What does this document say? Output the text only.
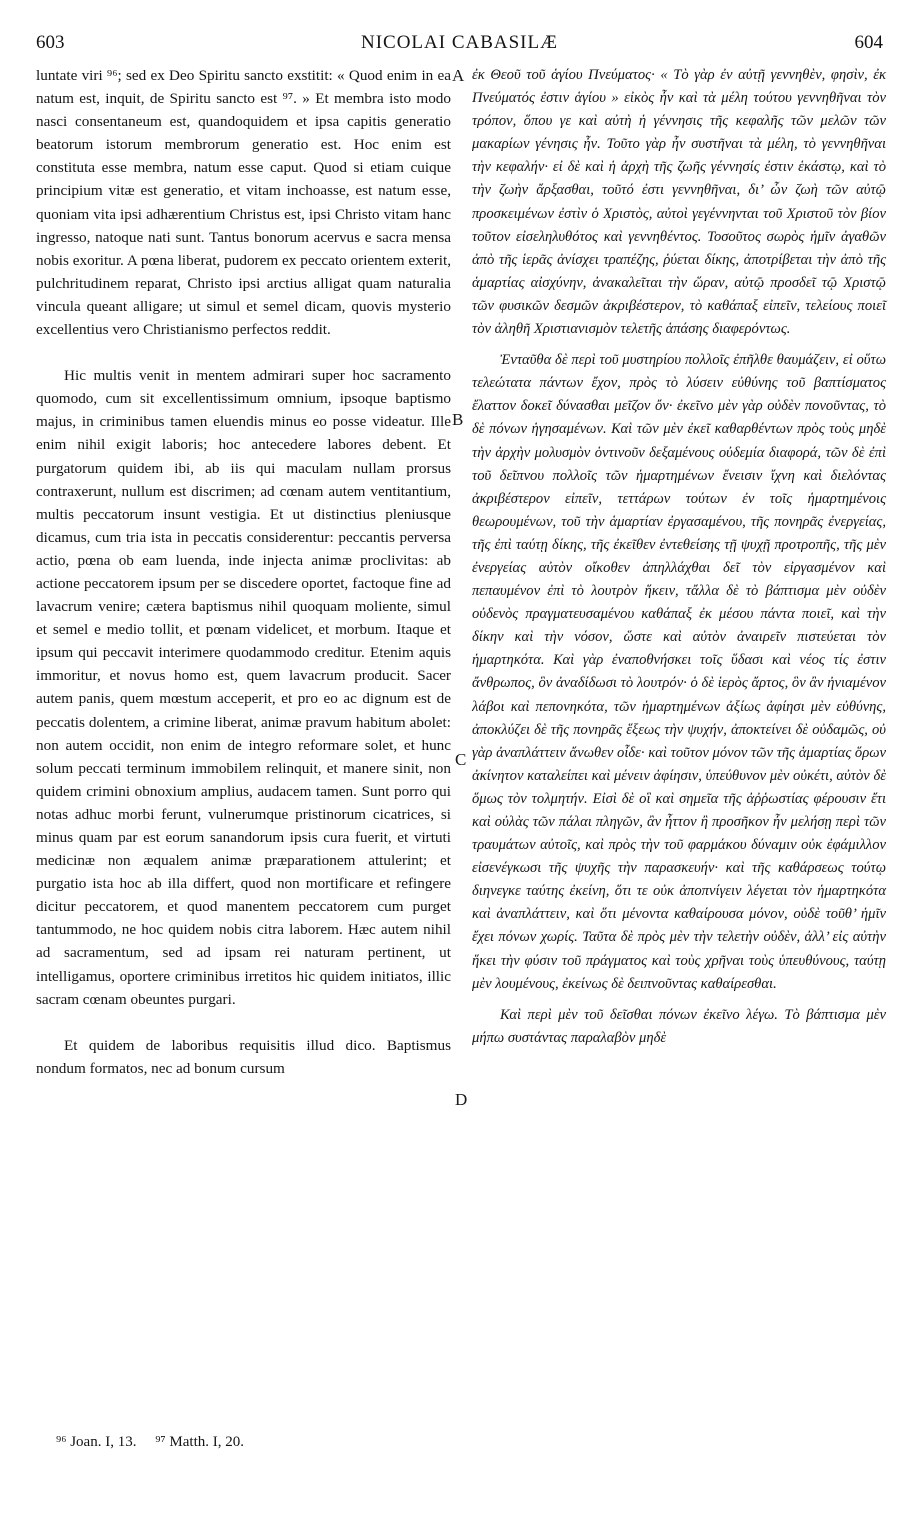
603	NICOLAI CABASILÆ	604

luntate viri ⁹⁶; sed ex Deo Spiritu sancto exstitit: « Quod enim in ea natum est, inquit, de Spiritu sancto est ⁹⁷. » Et membra isto modo nasci consentaneum est, quandoquidem et ipsa capitis generatio beatorum istorum membrorum generatio est. Hoc enim est constituta esse membra, natum esse caput. Quod si etiam cuique principium vitæ est generatio, et vitam inchoasse, est natum esse, quoniam vita ipsi adhærentium Christus est, ipsi Christo vitam hanc ingresso, natoque nati sunt. Tantus bonorum acervus e sacra mensa nobis exoritur. A pœna liberat, pudorem ex peccato orientem exterit, pulchritudinem reparat, Christo ipsi arctius alligat quam naturalia vincula queant alligare; ut simul et semel dicam, quovis mysterio excellentius vero Christianismo perfectos reddit.

Hic multis venit in mentem admirari super hoc sacramento quomodo, cum sit excellentissimum omnium, ipsoque baptismo majus, in criminibus tamen eluendis minus eo posse videatur. Ille enim nihil exigit laboris; hoc antecedere labores debent. Et purgatorum quidem ibi, ab iis qui maculam nullam prorsus contraxerunt, nullum est discrimen; ad cœnam autem ventitantium, multis peccatorum insunt vestigia. Et ut distinctius pleniusque dicamus, cum tria ista in peccatis considerentur: peccantis perversa actio, pœna ob eam luenda, inde injecta animæ proclivitas: ab actione peccatorem ipsum per se discedere oportet, factoque fine ad lavacrum venire; cætera baptismus nihil quoquam moliente, simul et semel e medio tollit, et pœnam videlicet, et morbum. Itaque et ipsum qui peccavit interimere quodammodo creditur. Etenim aquis immoritur, et novus homo est, quem lavacrum producit. Sacer autem panis, quem mœstum acceperit, et pro eo ac dignum est de peccatis dolentem, a crimine liberat, animæ pravum habitum abolet: non autem occidit, non enim de integro reformare solet, et hunc solum peccati terminum immobilem relinquit, et manere sinit, non quidem crimini obnoxium amplius, audacem tamen. Sunt porro qui notas adhuc morbi ferunt, vulnerumque pristinorum cicatrices, si minus quam par est eorum sanandorum ipsis cura fuerit, et virtuti medicinæ non æqualem animæ præparationem attulerint; et purgatio ista hoc ab illa differt, quod non mortificare et refingere dicitur peccatorem, et quod manentem peccatorem cum purget tantummodo, ne hoc quidem nobis citra laborem. Hæc autem nihil ad sacramentum, sed ad ipsam rei naturam pertinent, ut intelligamus, oportere criminibus irretitos hic quidem initiatos, illic sacram cœnam obeuntes purgari.

Et quidem de laboribus requisitis illud dico. Baptismus nondum formatos, nec ad bonum cursum

A
B
C
D

ἐκ Θεοῦ τοῦ ἁγίου Πνεύματος· « Τὸ γὰρ ἐν αὐτῇ γεννηθὲν, φησὶν, ἐκ Πνεύματός ἐστιν ἁγίου » εἰκὸς ἦν καὶ τὰ μέλη τούτου γεννηθῆναι τὸν τρόπον, ὅπου γε καὶ αὐτὴ ἡ γέννησις τῆς κεφαλῆς τῶν μελῶν τῶν μακαρίων γένησις ἦν. Τοῦτο γὰρ ἦν συστῆναι τὰ μέλη, τὸ γεννηθῆναι τὴν κεφαλήν· εἰ δὲ καὶ ἡ ἀρχὴ τῆς ζωῆς γέννησίς ἐστιν ἑκάστῳ, καὶ τὸ τὴν ζωὴν ἄρξασθαι, τοῦτό ἐστι γεννηθῆναι, δι’ ὧν ζωὴ τῶν αὐτῷ προσκειμένων ἐστὶν ὁ Χριστὸς, αὐτοὶ γεγέννηνται τοῦ Χριστοῦ τὸν βίον τοῦτον εἰσεληλυθότος καὶ γεννηθέντος. Τοσοῦτος σωρὸς ἡμῖν ἀγαθῶν ἀπὸ τῆς ἱερᾶς ἀνίσχει τραπέζης, ῥύεται δίκης, ἀποτρίβεται τὴν ἀπὸ τῆς ἁμαρτίας αἰσχύνην, ἀνακαλεῖται τὴν ὥραν, αὐτῷ προσδεῖ τῷ Χριστῷ τῶν φυσικῶν δεσμῶν ἀκριβέστερον, τὸ καθάπαξ εἰπεῖν, τελείους ποιεῖ τὸν ἀληθῆ Χριστιανισμὸν τελετῆς ἁπάσης διαφερόντως.

Ἐνταῦθα δὲ περὶ τοῦ μυστηρίου πολλοῖς ἐπῆλθε θαυμάζειν, εἰ οὕτω τελεώτατα πάντων ἔχον, πρὸς τὸ λύσειν εὐθύνης τοῦ βαπτίσματος ἔλαττον δοκεῖ δύνασθαι μεῖζον ὄν· ἐκεῖνο μὲν γὰρ οὐδὲν πονοῦντας, τὸ δὲ πόνων ἡγησαμένων. Καὶ τῶν μὲν ἐκεῖ καθαρθέντων πρὸς τοὺς μηδὲ τὴν ἀρχὴν μολυσμὸν ὁντινοῦν δεξαμένους οὐδεμία διαφορά, τῶν δὲ ἐπὶ τοῦ δεῖπνου πολλοῖς τῶν ἡμαρτημένων ἔνεισιν ἴχνη καὶ διελόντας ἀκριβέστερον εἰπεῖν, τεττάρων τούτων ἐν τοῖς ἡμαρτημένοις θεωρουμένων, τοῦ τὴν ἁμαρτίαν ἐργασαμένου, τῆς πονηρᾶς ἐνεργείας, τῆς ἐπὶ ταύτῃ δίκης, τῆς ἐκεῖθεν ἐντεθείσης τῇ ψυχῇ προτροπῆς, τῆς μὲν ἐνεργείας αὐτὸν οἴκοθεν ἀπηλλάχθαι δεῖ τὸν εἰργασμένον καὶ πεπαυμένον ἐπὶ τὸ λουτρὸν ἥκειν, τἄλλα δὲ τὸ βάπτισμα μὲν οὐδὲν οὐδενὸς πραγματευσαμένου καθάπαξ ἐκ μέσου πάντα ποιεῖ, καὶ τὴν δίκην καὶ τὴν νόσον, ὥστε καὶ αὐτὸν ἀναιρεῖν πιστεύεται τὸν ἡμαρτηκότα. Καὶ γὰρ ἐναποθνήσκει τοῖς ὕδασι καὶ νέος τίς ἐστιν ἄνθρωπος, ὃν ἀναδίδωσι τὸ λουτρόν· ὁ δὲ ἱερὸς ἄρτος, ὃν ἂν ἠνιαμένον λάβοι καὶ πεπονηκότα, τῶν ἡμαρτημένων ἀξίως ἀφίησι μὲν εὐθύνης, ἀποκλύζει δὲ τῆς πονηρᾶς ἕξεως τὴν ψυχήν, ἀποκτείνει δὲ οὐδαμῶς, οὐ γὰρ ἀναπλάττειν ἄνωθεν οἶδε· καὶ τοῦτον μόνον τῶν τῆς ἁμαρτίας ὅρων ἀκίνητον καταλείπει καὶ μένειν ἀφίησιν, ὑπεύθυνον μὲν οὐκέτι, αὐτὸν δὲ ὅμως τὸν τολμητήν. Εἰσὶ δὲ οἳ καὶ σημεῖα τῆς ἀῤῥωστίας φέρουσιν ἔτι καὶ οὐλὰς τῶν πάλαι πληγῶν, ἂν ἧττον ἢ προσῆκον ἦν μελήσῃ περὶ τῶν τραυμάτων αὐτοῖς, καὶ πρὸς τὴν τοῦ φαρμάκου δύναμιν οὐκ ἐφάμιλλον εἰσενέγκωσι τῆς ψυχῆς τὴν παρασκευήν· καὶ τῆς καθάρσεως τούτῳ διηνεγκε ταύτης ἐκείνη, ὅτι τε οὐκ ἀποπνίγειν λέγεται τὸν ἡμαρτηκότα καὶ ἀναπλάττειν, καὶ ὅτι μένοντα καθαίρουσα μόνον, οὐδὲ τοῦθ’ ἡμῖν ἔχει πόνων χωρίς. Ταῦτα δὲ πρὸς μὲν τὴν τελετὴν οὐδὲν, ἀλλ’ εἰς αὐτὴν ἥκει τὴν φύσιν τοῦ πράγματος καὶ τοὺς χρῆναι τοὺς ὑπευθύνους, ταύτῃ μὲν λουμένους, ἐκείνως δὲ δειπνοῦντας καθαίρεσθαι.

Καὶ περὶ μὲν τοῦ δεῖσθαι πόνων ἐκεῖνο λέγω. Τὸ βάπτισμα μὲν μήπω συστάντας παραλαβὸν μηδὲ

⁹⁶ Joan. I, 13. ⁹⁷ Matth. I, 20.
